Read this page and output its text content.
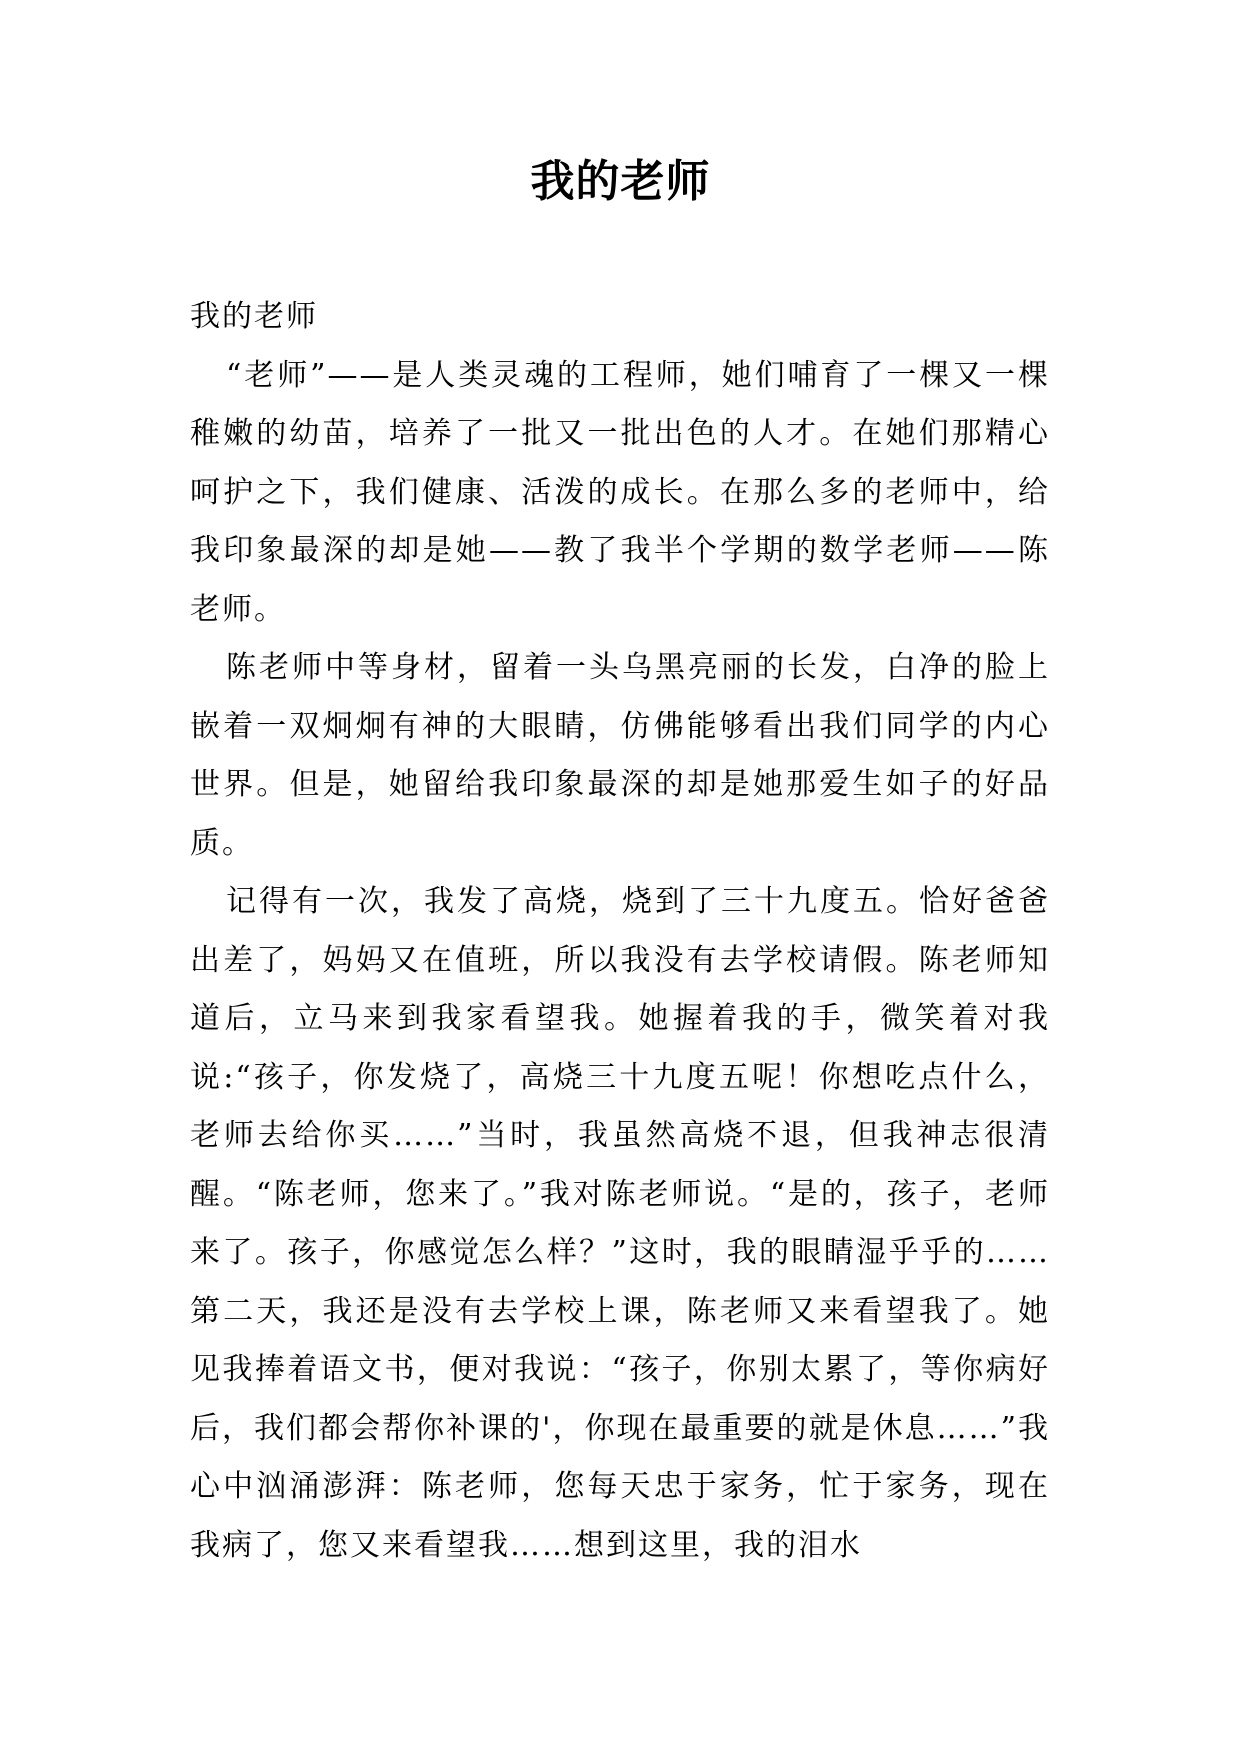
我的老师

我的老师

“老师”——是人类灵魂的工程师，她们哺育了一棵又一棵稚嫩的幼苗，培养了一批又一批出色的人才。在她们那精心呵护之下，我们健康、活泼的成长。在那么多的老师中，给我印象最深的却是她——教了我半个学期的数学老师——陈老师。

陈老师中等身材，留着一头乌黑亮丽的长发，白净的脸上嵌着一双炯炯有神的大眼睛，仿佛能够看出我们同学的内心世界。但是，她留给我印象最深的却是她那爱生如子的好品质。

记得有一次，我发了高烧，烧到了三十九度五。恰好爸爸出差了，妈妈又在值班，所以我没有去学校请假。陈老师知道后，立马来到我家看望我。她握着我的手，微笑着对我说:“孩子，你发烧了，高烧三十九度五呢！你想吃点什么，老师去给你买……”当时，我虽然高烧不退，但我神志很清醒。“陈老师，您来了。”我对陈老师说。“是的，孩子，老师来了。孩子，你感觉怎么样？”这时，我的眼睛湿乎乎的……第二天，我还是没有去学校上课，陈老师又来看望我了。她见我捧着语文书，便对我说：“孩子，你别太累了，等你病好后，我们都会帮你补课的'，你现在最重要的就是休息……”我心中汹涌澎湃：陈老师，您每天忠于家务，忙于家务，现在我病了，您又来看望我……想到这里，我的泪水
